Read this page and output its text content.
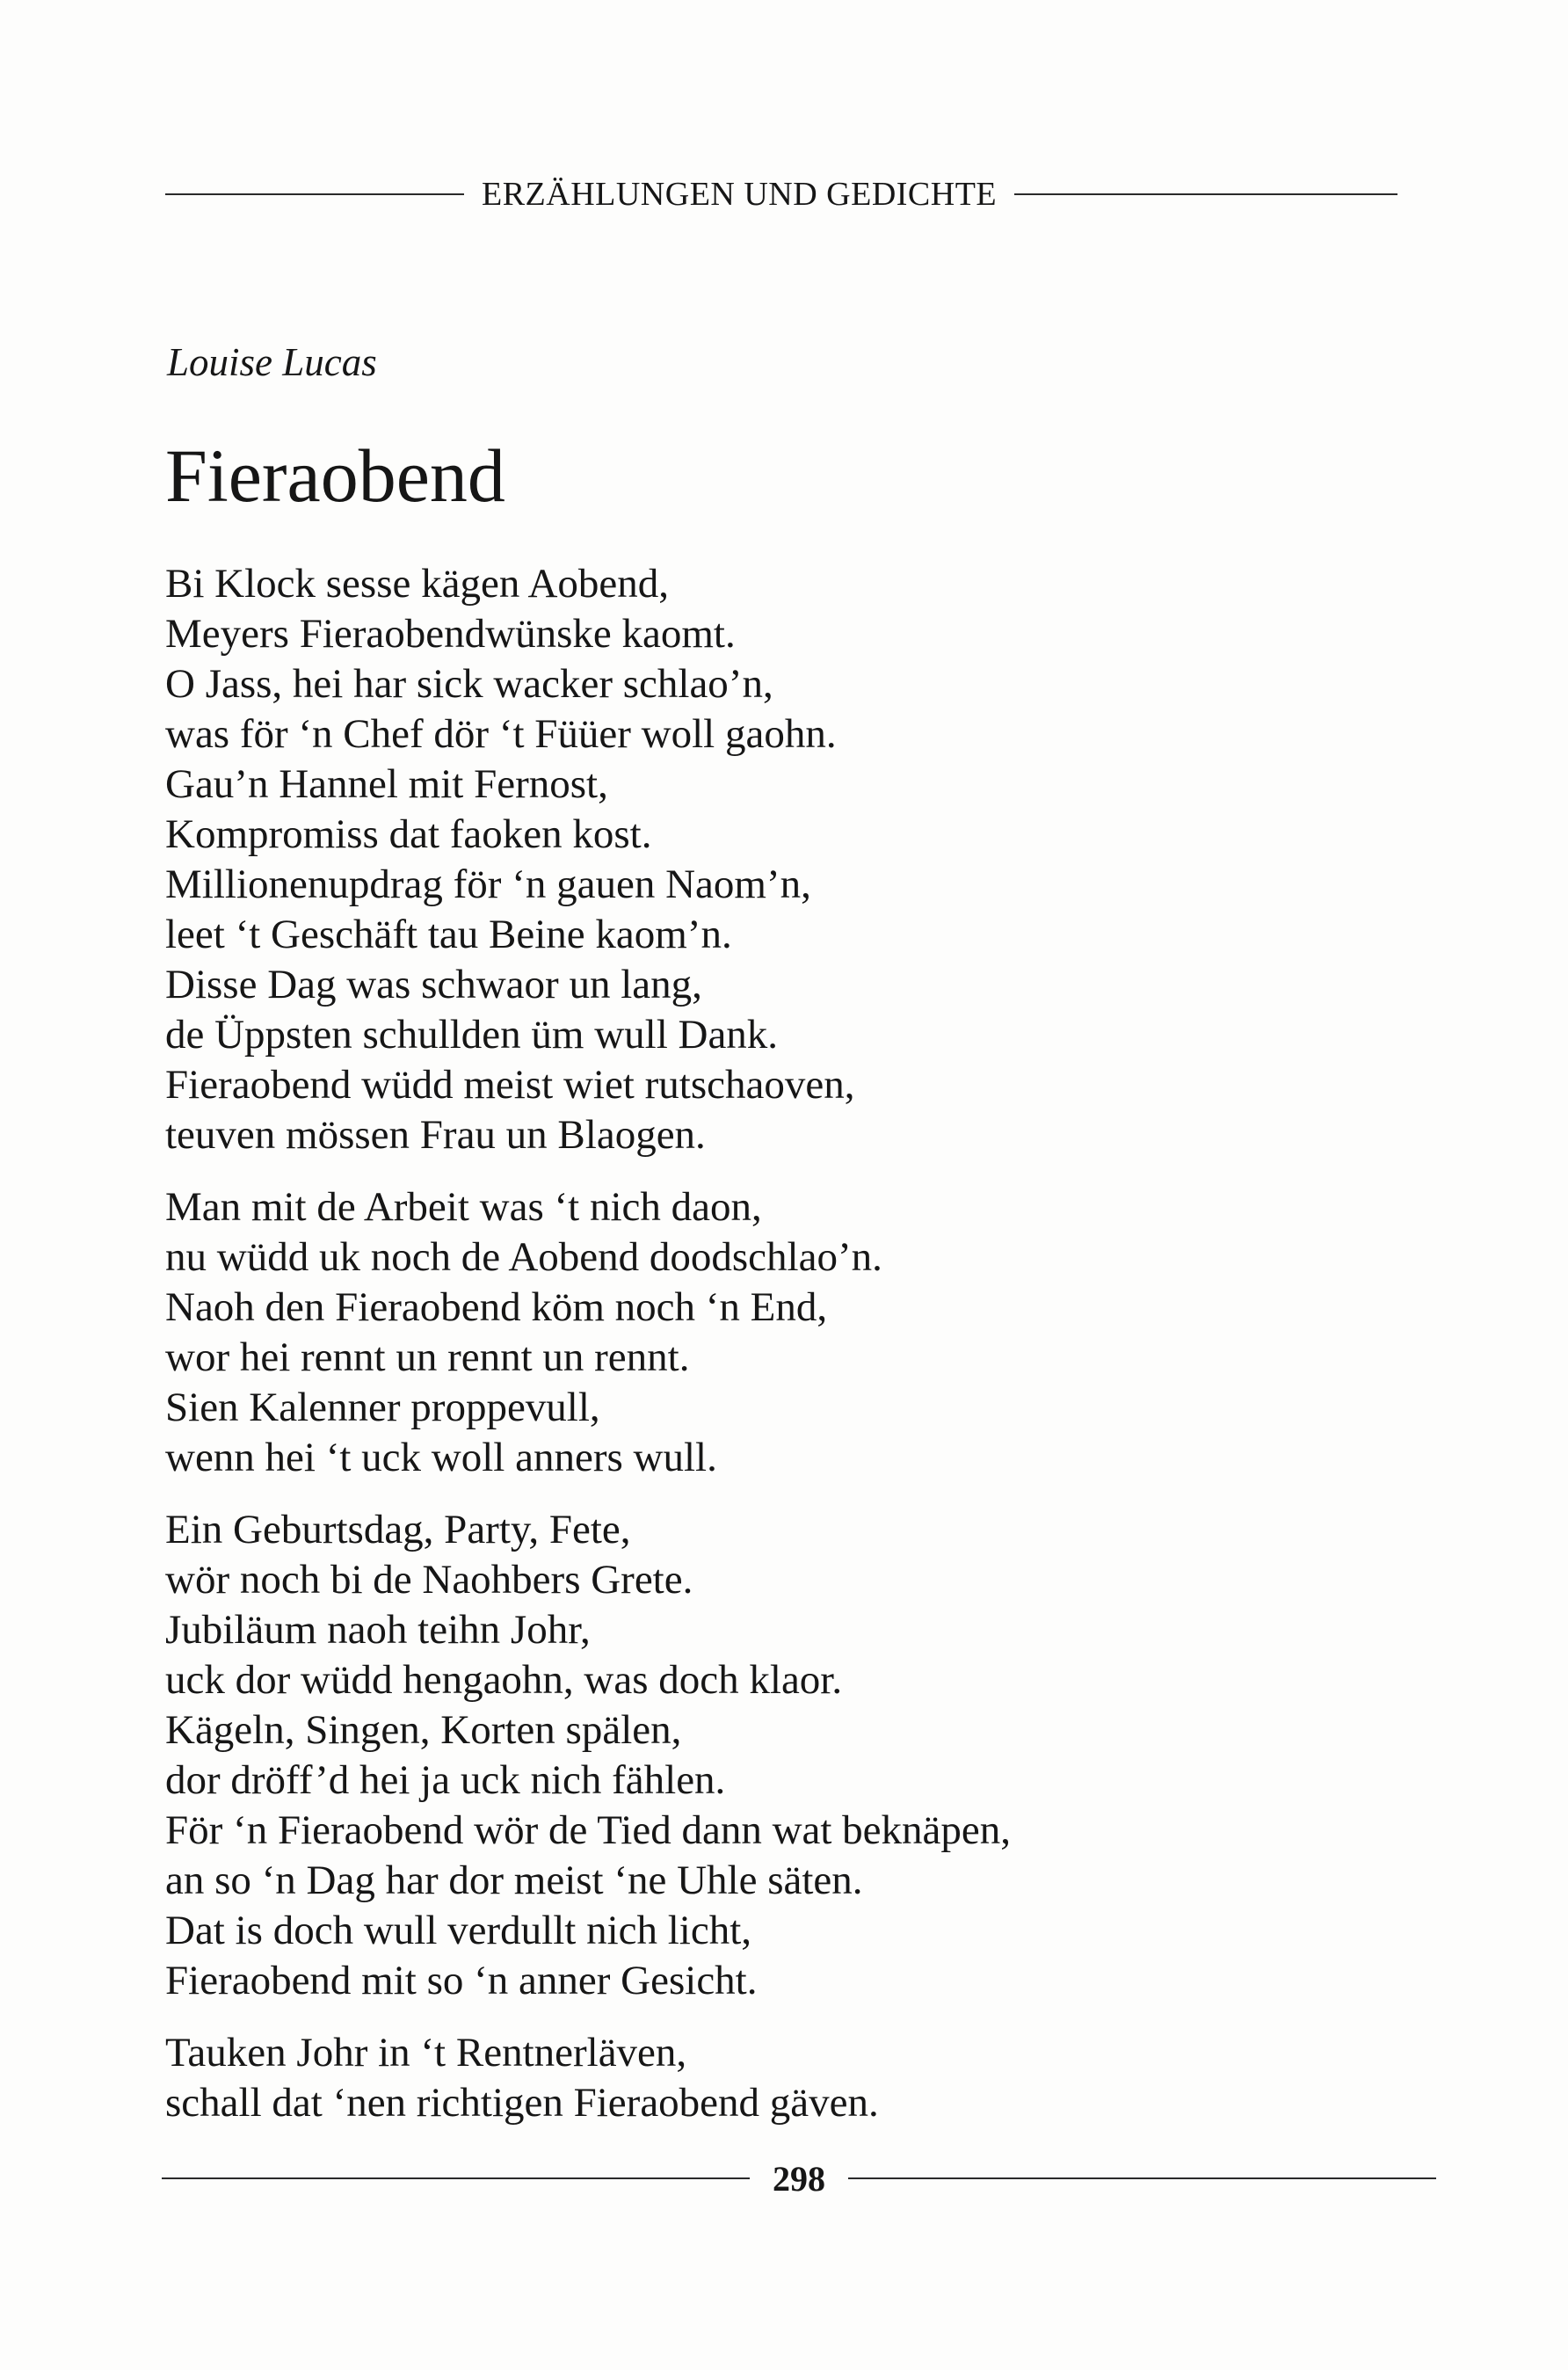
ERZÄHLUNGEN UND GEDICHTE
Louise Lucas
Fieraobend
Bi Klock sesse kägen Aobend,
Meyers Fieraobendwünske kaomt.
O Jass, hei har sick wacker schlao’n,
was för ‘n Chef dör ‘t Füüer woll gaohn.
Gau’n Hannel mit Fernost,
Kompromiss dat faoken kost.
Millionenupdrag för ‘n gauen Naom’n,
leet ‘t Geschäft tau Beine kaom’n.
Disse Dag was schwaor un lang,
de Üppsten schullden üm wull Dank.
Fieraobend wüdd meist wiet rutschaoven,
teuven mössen Frau un Blaogen.
Man mit de Arbeit was ‘t nich daon,
nu wüdd uk noch de Aobend doodschlao’n.
Naoh den Fieraobend köm noch ‘n End,
wor hei rennt un rennt un rennt.
Sien Kalenner proppevull,
wenn hei ‘t uck woll anners wull.
Ein Geburtsdag, Party, Fete,
wör noch bi de Naohbers Grete.
Jubiläum naoh teihn Johr,
uck dor wüdd hengaohn, was doch klaor.
Kägeln, Singen, Korten spälen,
dor dröff’d hei ja uck nich fählen.
För ‘n Fieraobend wör de Tied dann wat beknäpen,
an so ‘n Dag har dor meist ‘ne Uhle säten.
Dat is doch wull verdullt nich licht,
Fieraobend mit so ‘n anner Gesicht.
Tauken Johr in ‘t Rentnerläven,
schall dat ‘nen richtigen Fieraobend gäven.
298
